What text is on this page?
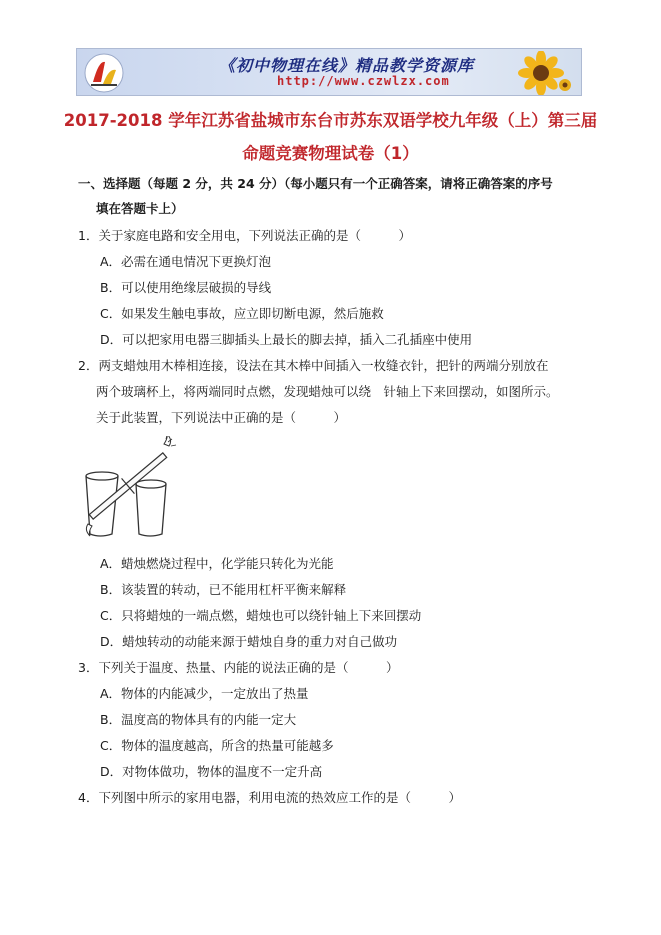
《初中物理在线》精品教学资源库
http://www.czwlzx.com
2017-2018 学年江苏省盐城市东台市苏东双语学校九年级（上）第三届
命题竞赛物理试卷（1）
一、选择题（每题 2 分，共 24 分）（每小题只有一个正确答案，请将正确答案的序号
填在答题卡上）
1．关于家庭电路和安全用电，下列说法正确的是（　　　）
A．必需在通电情况下更换灯泡
B．可以使用绝缘层破损的导线
C．如果发生触电事故，应立即切断电源，然后施救
D．可以把家用电器三脚插头上最长的脚去掉，插入二孔插座中使用
2．两支蜡烛用木棒相连接，设法在其木棒中间插入一枚缝衣针，把针的两端分别放在
两个玻璃杯上，将两端同时点燃，发现蜡烛可以绕　针轴上下来回摆动，如图所示。
关于此装置，下列说法中正确的是（　　　）
A．蜡烛燃烧过程中，化学能只转化为光能
B．该装置的转动，已不能用杠杆平衡来解释
C．只将蜡烛的一端点燃，蜡烛也可以绕针轴上下来回摆动
D．蜡烛转动的动能来源于蜡烛自身的重力对自己做功
3．下列关于温度、热量、内能的说法正确的是（　　　）
A．物体的内能减少，一定放出了热量
B．温度高的物体具有的内能一定大
C．物体的温度越高，所含的热量可能越多
D．对物体做功，物体的温度不一定升高
4．下列图中所示的家用电器，利用电流的热效应工作的是（　　　）
